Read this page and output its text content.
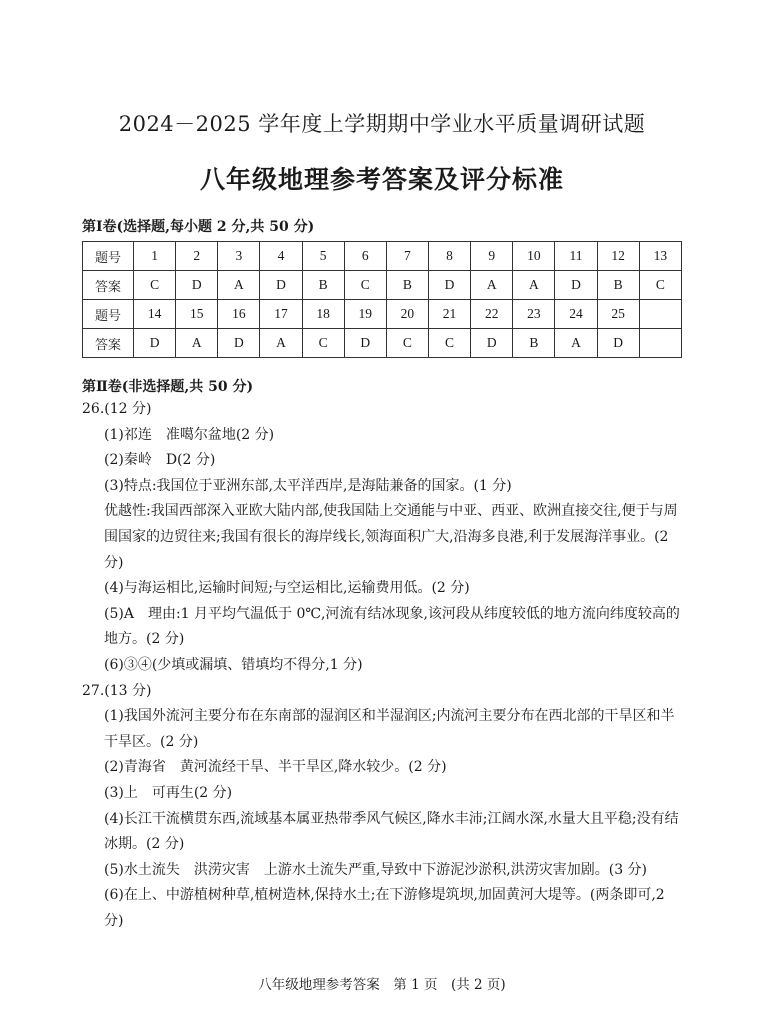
2024－2025 学年度上学期期中学业水平质量调研试题
八年级地理参考答案及评分标准
第Ⅰ卷(选择题,每小题 2 分,共 50 分)
题号	1	2	3	4	5	6	7	8	9	10	11	12	13
答案	C	D	A	D	B	C	B	D	A	A	D	B	C
题号	14	15	16	17	18	19	20	21	22	23	24	25	
答案	D	A	D	A	C	D	C	C	D	B	A	D	
第Ⅱ卷(非选择题,共 50 分)

26.(12 分)

(1)祁连　准噶尔盆地(2 分)

(2)秦岭　D(2 分)

(3)特点:我国位于亚洲东部,太平洋西岸,是海陆兼备的国家。(1 分)

优越性:我国西部深入亚欧大陆内部,使我国陆上交通能与中亚、西亚、欧洲直接交往,便于与周围国家的边贸往来;我国有很长的海岸线长,领海面积广大,沿海多良港,利于发展海洋事业。(2 分)

(4)与海运相比,运输时间短;与空运相比,运输费用低。(2 分)

(5)A　理由:1 月平均气温低于 0℃,河流有结冰现象,该河段从纬度较低的地方流向纬度较高的地方。(2 分)

(6)③④(少填或漏填、错填均不得分,1 分)

27.(13 分)

(1)我国外流河主要分布在东南部的湿润区和半湿润区;内流河主要分布在西北部的干旱区和半干旱区。(2 分)

(2)青海省　黄河流经干旱、半干旱区,降水较少。(2 分)

(3)上　可再生(2 分)

(4)长江干流横贯东西,流域基本属亚热带季风气候区,降水丰沛;江阔水深,水量大且平稳;没有结冰期。(2 分)

(5)水土流失　洪涝灾害　上游水土流失严重,导致中下游泥沙淤积,洪涝灾害加剧。(3 分)

(6)在上、中游植树种草,植树造林,保持水土;在下游修堤筑坝,加固黄河大堤等。(两条即可,2 分)

八年级地理参考答案　第 1 页　(共 2 页)
